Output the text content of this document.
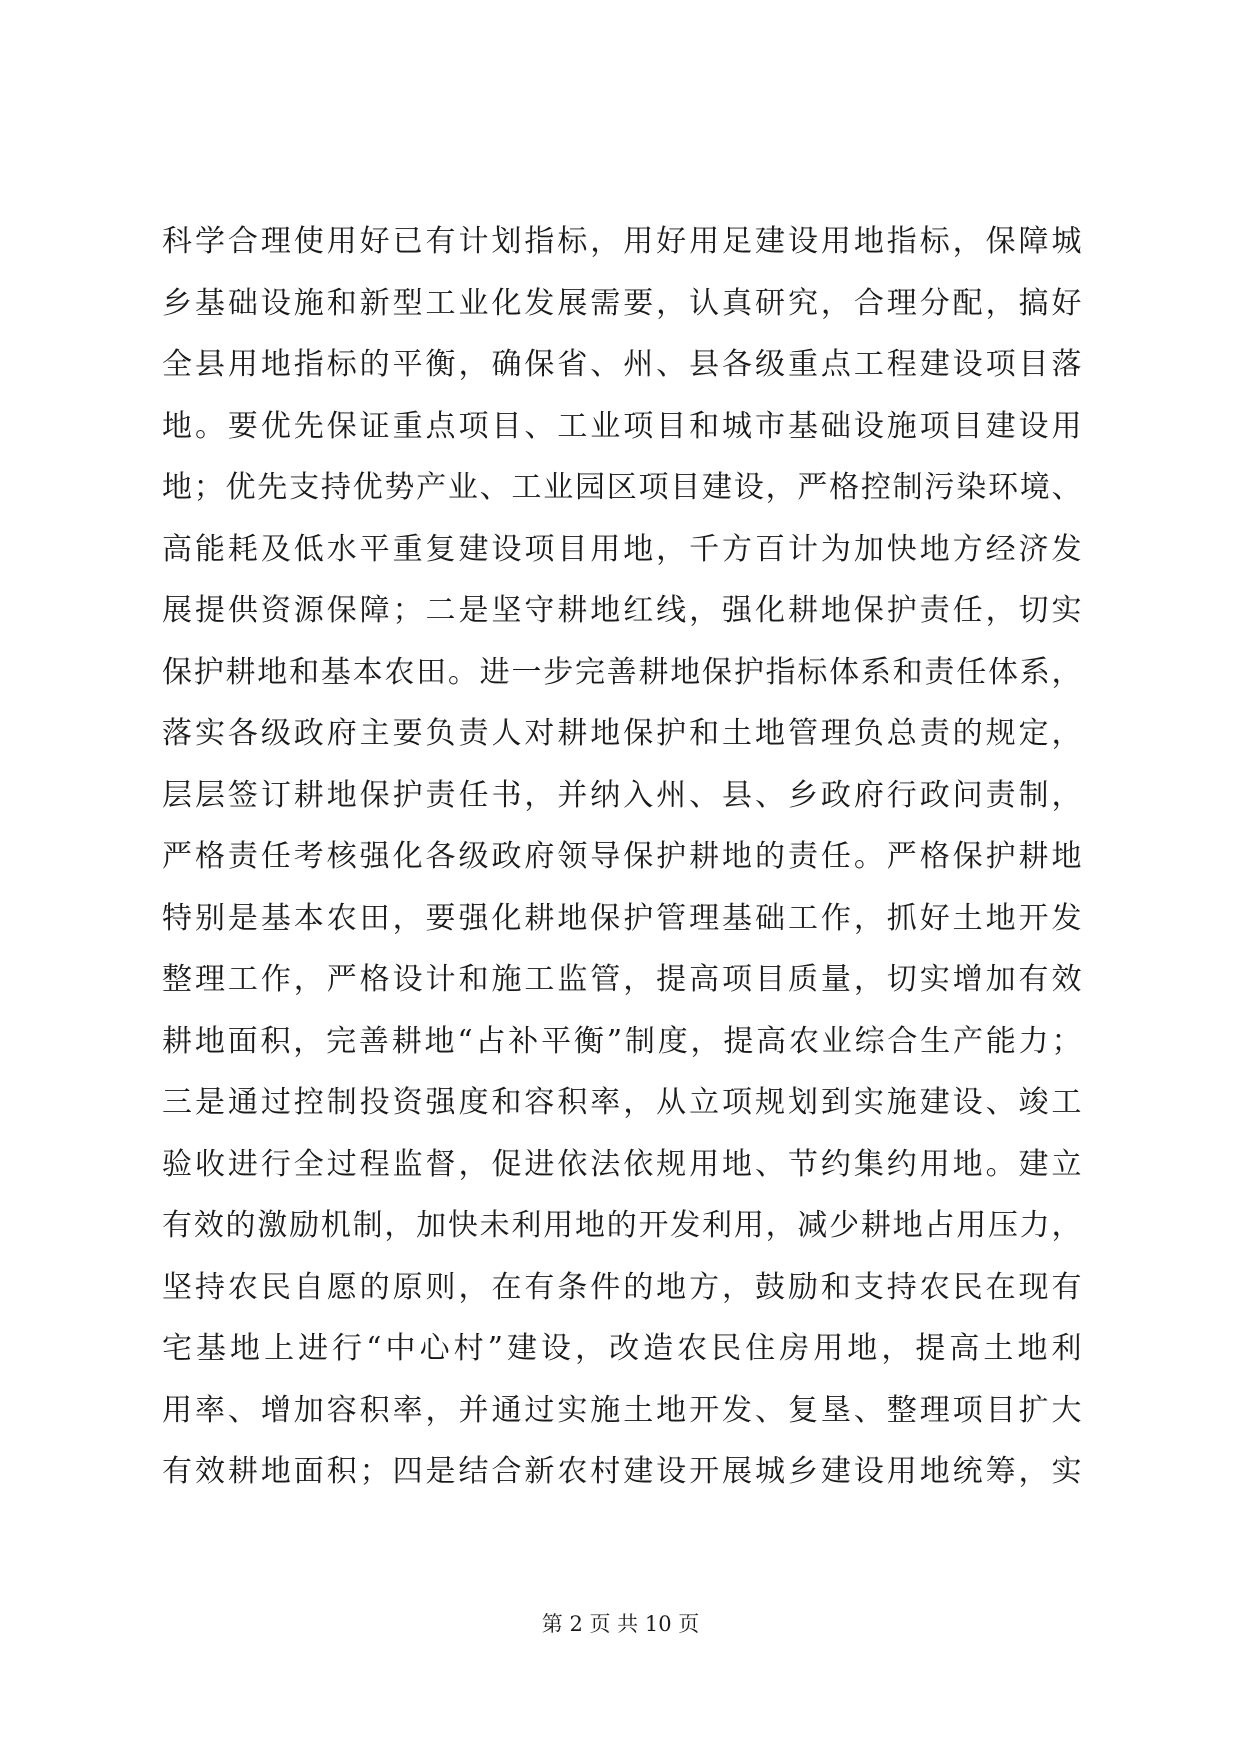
科学合理使用好已有计划指标，用好用足建设用地指标，保障城
乡基础设施和新型工业化发展需要，认真研究，合理分配，搞好
全县用地指标的平衡，确保省、州、县各级重点工程建设项目落
地。要优先保证重点项目、工业项目和城市基础设施项目建设用
地；优先支持优势产业、工业园区项目建设，严格控制污染环境、
高能耗及低水平重复建设项目用地，千方百计为加快地方经济发
展提供资源保障；二是坚守耕地红线，强化耕地保护责任，切实
保护耕地和基本农田。进一步完善耕地保护指标体系和责任体系，
落实各级政府主要负责人对耕地保护和土地管理负总责的规定，
层层签订耕地保护责任书，并纳入州、县、乡政府行政问责制，
严格责任考核强化各级政府领导保护耕地的责任。严格保护耕地
特别是基本农田，要强化耕地保护管理基础工作，抓好土地开发
整理工作，严格设计和施工监管，提高项目质量，切实增加有效
耕地面积，完善耕地“占补平衡”制度，提高农业综合生产能力；
三是通过控制投资强度和容积率，从立项规划到实施建设、竣工
验收进行全过程监督，促进依法依规用地、节约集约用地。建立
有效的激励机制，加快未利用地的开发利用，减少耕地占用压力，
坚持农民自愿的原则，在有条件的地方，鼓励和支持农民在现有
宅基地上进行“中心村”建设，改造农民住房用地，提高土地利
用率、增加容积率，并通过实施土地开发、复垦、整理项目扩大
有效耕地面积；四是结合新农村建设开展城乡建设用地统筹，实
第 2 页 共 10 页
